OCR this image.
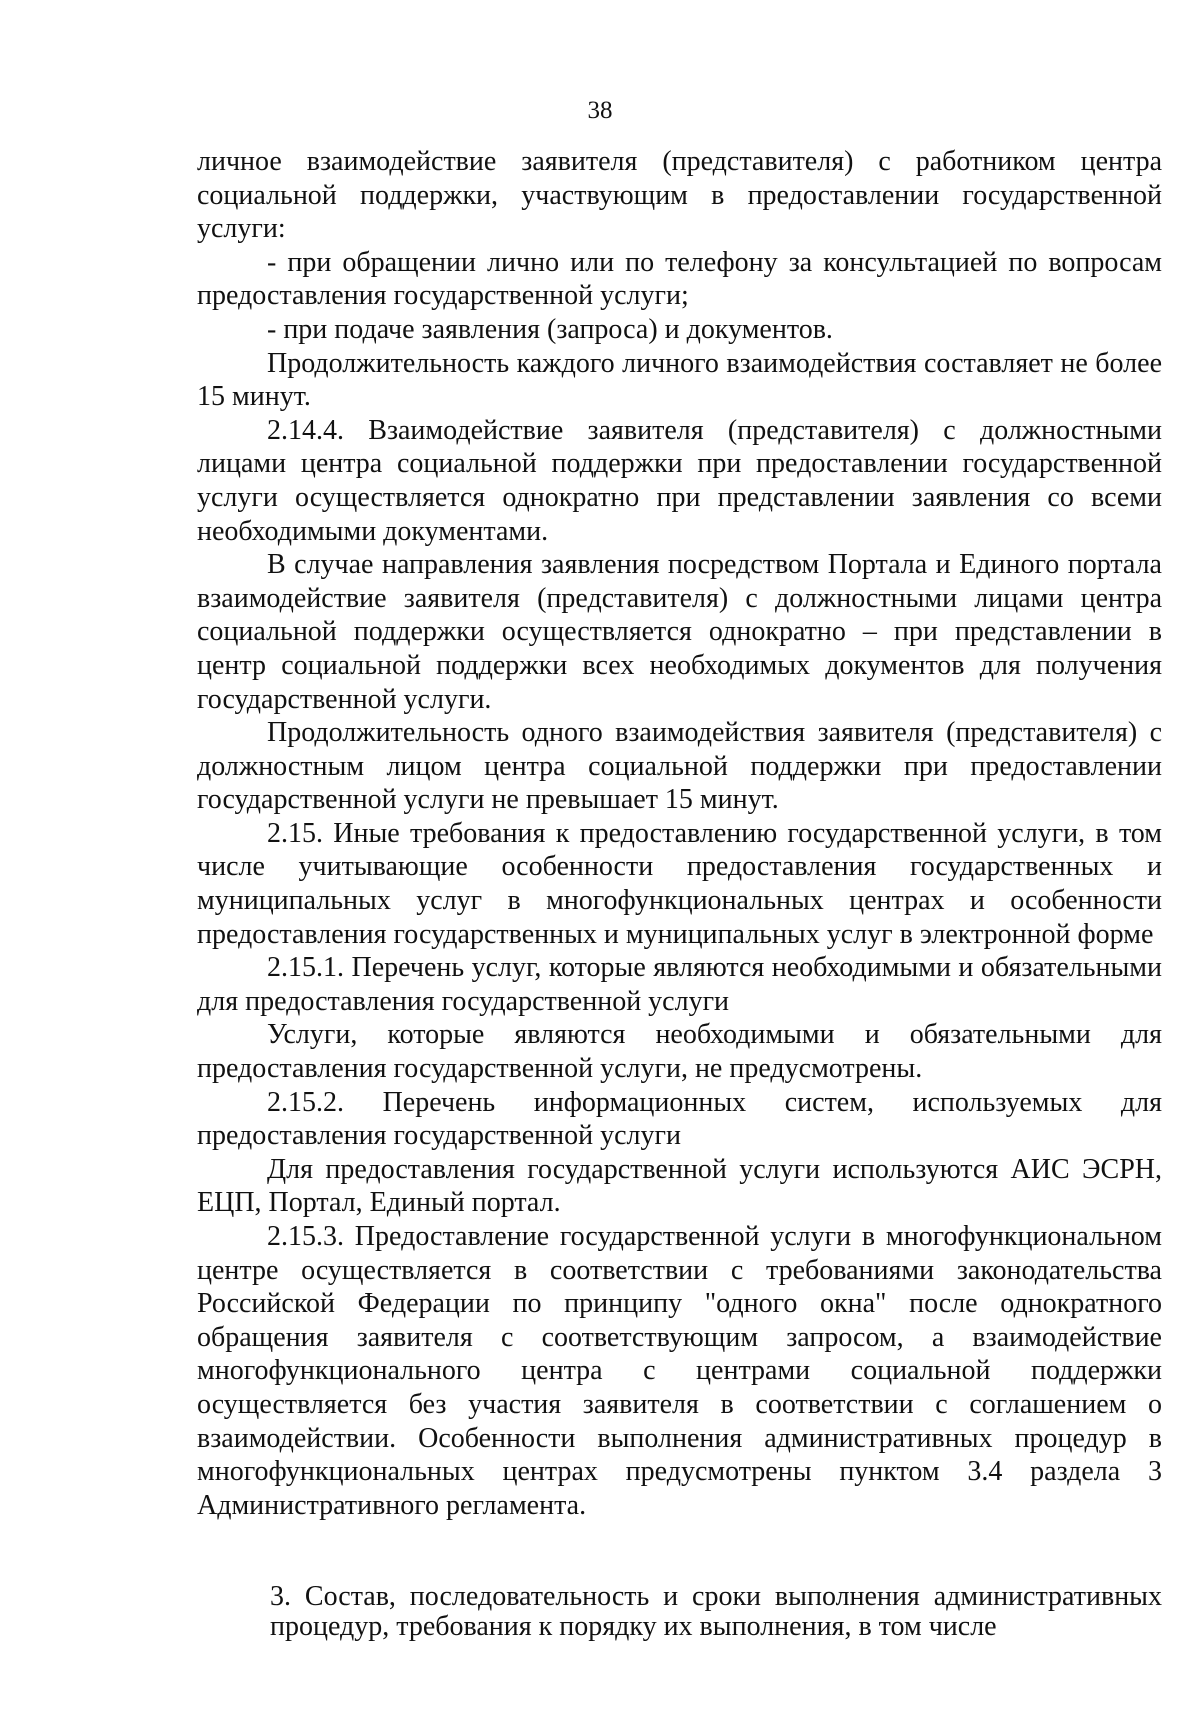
38

личное взаимодействие заявителя (представителя) с работником центра социальной поддержки, участвующим в предоставлении государственной услуги:

- при обращении лично или по телефону за консультацией по вопросам предоставления государственной услуги;

- при подаче заявления (запроса) и документов.

Продолжительность каждого личного взаимодействия составляет не более 15 минут.

2.14.4. Взаимодействие заявителя (представителя) с должностными лицами центра социальной поддержки при предоставлении государственной услуги осуществляется однократно при представлении заявления со всеми необходимыми документами.

В случае направления заявления посредством Портала и Единого портала взаимодействие заявителя (представителя) с должностными лицами центра социальной поддержки осуществляется однократно – при представлении в центр социальной поддержки всех необходимых документов для получения государственной услуги.

Продолжительность одного взаимодействия заявителя (представителя) с должностным лицом центра социальной поддержки при предоставлении государственной услуги не превышает 15 минут.

2.15. Иные требования к предоставлению государственной услуги, в том числе учитывающие особенности предоставления государственных и муниципальных услуг в многофункциональных центрах и особенности предоставления государственных и муниципальных услуг в электронной форме

2.15.1. Перечень услуг, которые являются необходимыми и обязательными для предоставления государственной услуги

Услуги, которые являются необходимыми и обязательными для предоставления государственной услуги, не предусмотрены.

2.15.2. Перечень информационных систем, используемых для предоставления государственной услуги

Для предоставления государственной услуги используются АИС ЭСРН, ЕЦП, Портал, Единый портал.

2.15.3. Предоставление государственной услуги в многофункциональном центре осуществляется в соответствии с требованиями законодательства Российской Федерации по принципу "одного окна" после однократного обращения заявителя с соответствующим запросом, а взаимодействие многофункционального центра с центрами социальной поддержки осуществляется без участия заявителя в соответствии с соглашением о взаимодействии. Особенности выполнения административных процедур в многофункциональных центрах предусмотрены пунктом 3.4 раздела 3 Административного регламента.

3. Состав, последовательность и сроки выполнения административных процедур, требования к порядку их выполнения, в том числе
